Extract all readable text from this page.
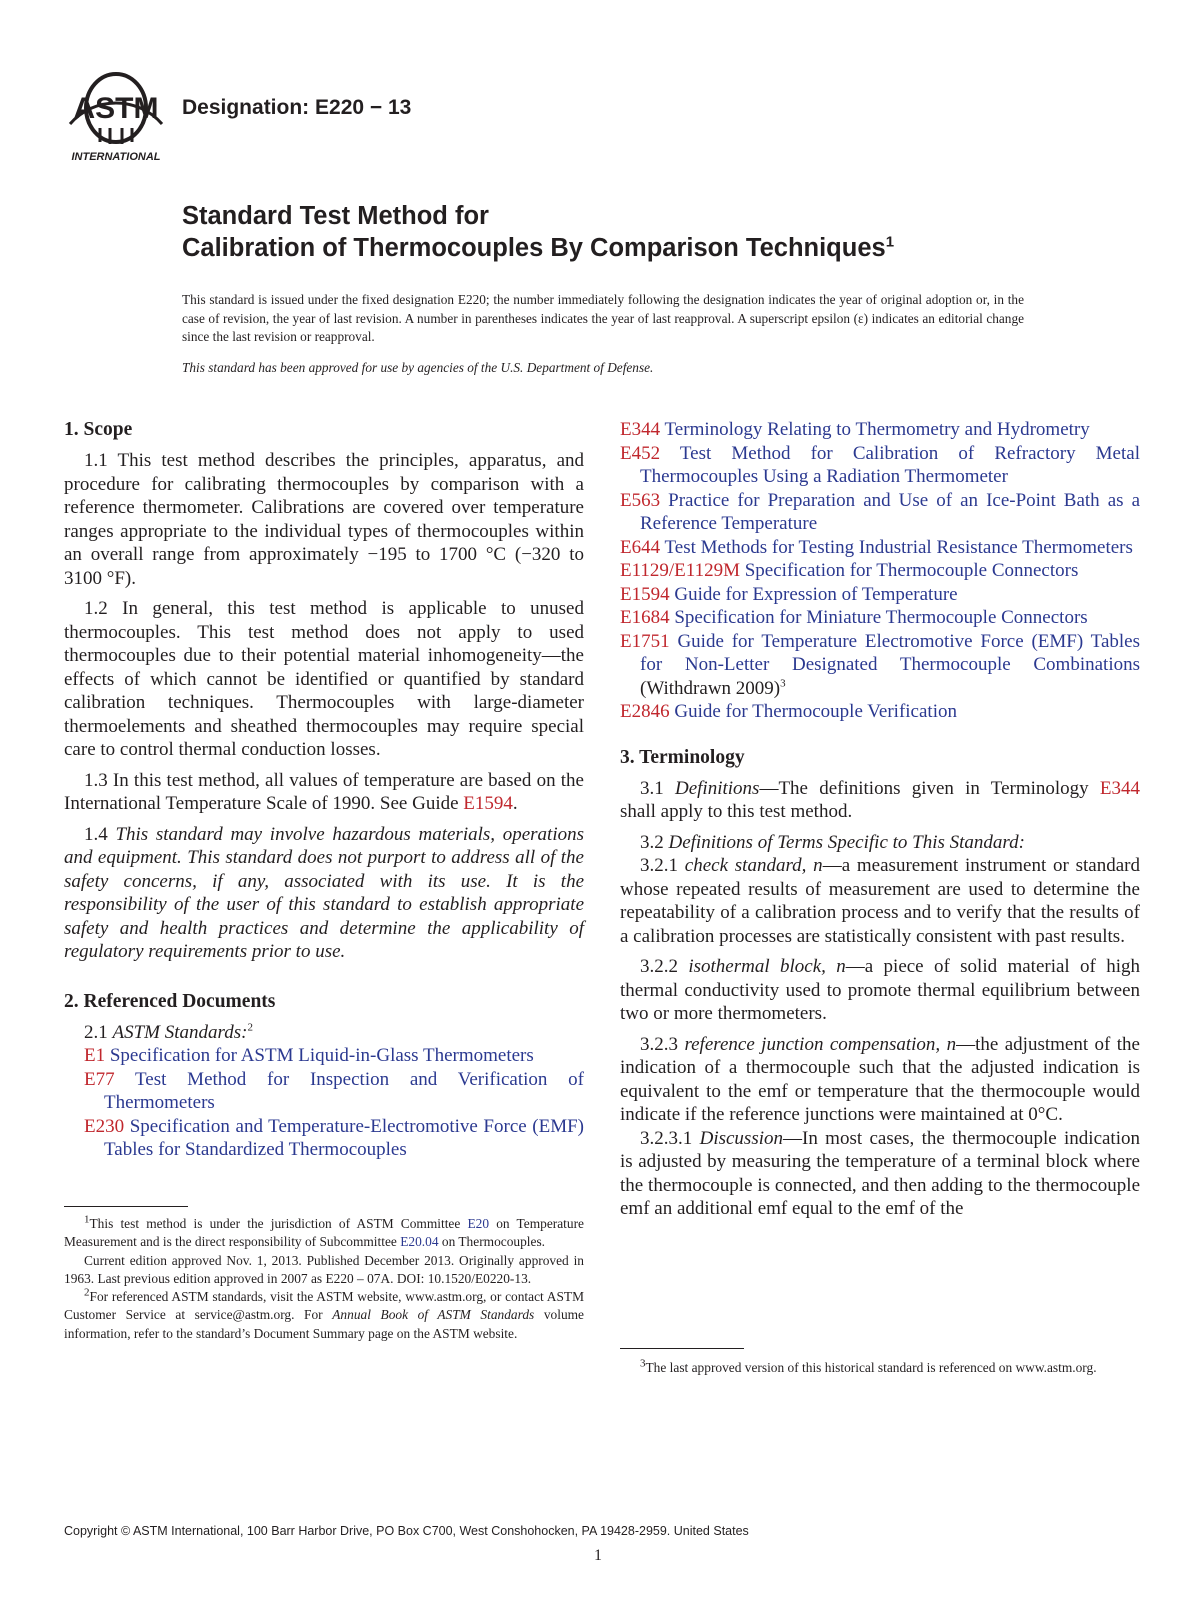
ASTM
INTERNATIONAL
Designation: E220 − 13
Standard Test Method for
Calibration of Thermocouples By Comparison Techniques$^1$

This standard is issued under the fixed designation E220; the number immediately following the designation indicates the year of original adoption or, in the case of revision, the year of last revision. A number in parentheses indicates the year of last reapproval. A superscript epsilon (ε) indicates an editorial change since the last revision or reapproval.

This standard has been approved for use by agencies of the U.S. Department of Defense.

1. Scope

1.1 This test method describes the principles, apparatus, and procedure for calibrating thermocouples by comparison with a reference thermometer. Calibrations are covered over temperature ranges appropriate to the individual types of thermocouples within an overall range from approximately −195 to 1700 °C (−320 to 3100 °F).

1.2 In general, this test method is applicable to unused thermocouples. This test method does not apply to used thermocouples due to their potential material inhomogeneity—the effects of which cannot be identified or quantified by standard calibration techniques. Thermocouples with large-diameter thermoelements and sheathed thermocouples may require special care to control thermal conduction losses.

1.3 In this test method, all values of temperature are based on the International Temperature Scale of 1990. See Guide E1594.

1.4 This standard may involve hazardous materials, operations and equipment. This standard does not purport to address all of the safety concerns, if any, associated with its use. It is the responsibility of the user of this standard to establish appropriate safety and health practices and determine the applicability of regulatory requirements prior to use.

2. Referenced Documents

2.1 ASTM Standards:$^2$

E1 Specification for ASTM Liquid-in-Glass Thermometers
E77 Test Method for Inspection and Verification of Thermometers
E230 Specification and Temperature-Electromotive Force (EMF) Tables for Standardized Thermocouples

$^1$This test method is under the jurisdiction of ASTM Committee E20 on Temperature Measurement and is the direct responsibility of Subcommittee E20.04 on Thermocouples.

Current edition approved Nov. 1, 2013. Published December 2013. Originally approved in 1963. Last previous edition approved in 2007 as E220 – 07A. DOI: 10.1520/E0220-13.

$^2$For referenced ASTM standards, visit the ASTM website, www.astm.org, or contact ASTM Customer Service at service@astm.org. For Annual Book of ASTM Standards volume information, refer to the standard’s Document Summary page on the ASTM website.

E344 Terminology Relating to Thermometry and Hydrometry
E452 Test Method for Calibration of Refractory Metal Thermocouples Using a Radiation Thermometer
E563 Practice for Preparation and Use of an Ice-Point Bath as a Reference Temperature
E644 Test Methods for Testing Industrial Resistance Thermometers
E1129/E1129M Specification for Thermocouple Connectors
E1594 Guide for Expression of Temperature
E1684 Specification for Miniature Thermocouple Connectors
E1751 Guide for Temperature Electromotive Force (EMF) Tables for Non-Letter Designated Thermocouple Combinations (Withdrawn 2009)$^3$
E2846 Guide for Thermocouple Verification
3. Terminology

3.1 Definitions—The definitions given in Terminology E344 shall apply to this test method.

3.2 Definitions of Terms Specific to This Standard:

3.2.1 check standard, n—a measurement instrument or standard whose repeated results of measurement are used to determine the repeatability of a calibration process and to verify that the results of a calibration processes are statistically consistent with past results.

3.2.2 isothermal block, n—a piece of solid material of high thermal conductivity used to promote thermal equilibrium between two or more thermometers.

3.2.3 reference junction compensation, n—the adjustment of the indication of a thermocouple such that the adjusted indication is equivalent to the emf or temperature that the thermocouple would indicate if the reference junctions were maintained at 0°C.

3.2.3.1 Discussion—In most cases, the thermocouple indication is adjusted by measuring the temperature of a terminal block where the thermocouple is connected, and then adding to the thermocouple emf an additional emf equal to the emf of the

$^3$The last approved version of this historical standard is referenced on www.astm.org.

Copyright © ASTM International, 100 Barr Harbor Drive, PO Box C700, West Conshohocken, PA 19428-2959. United States
1
